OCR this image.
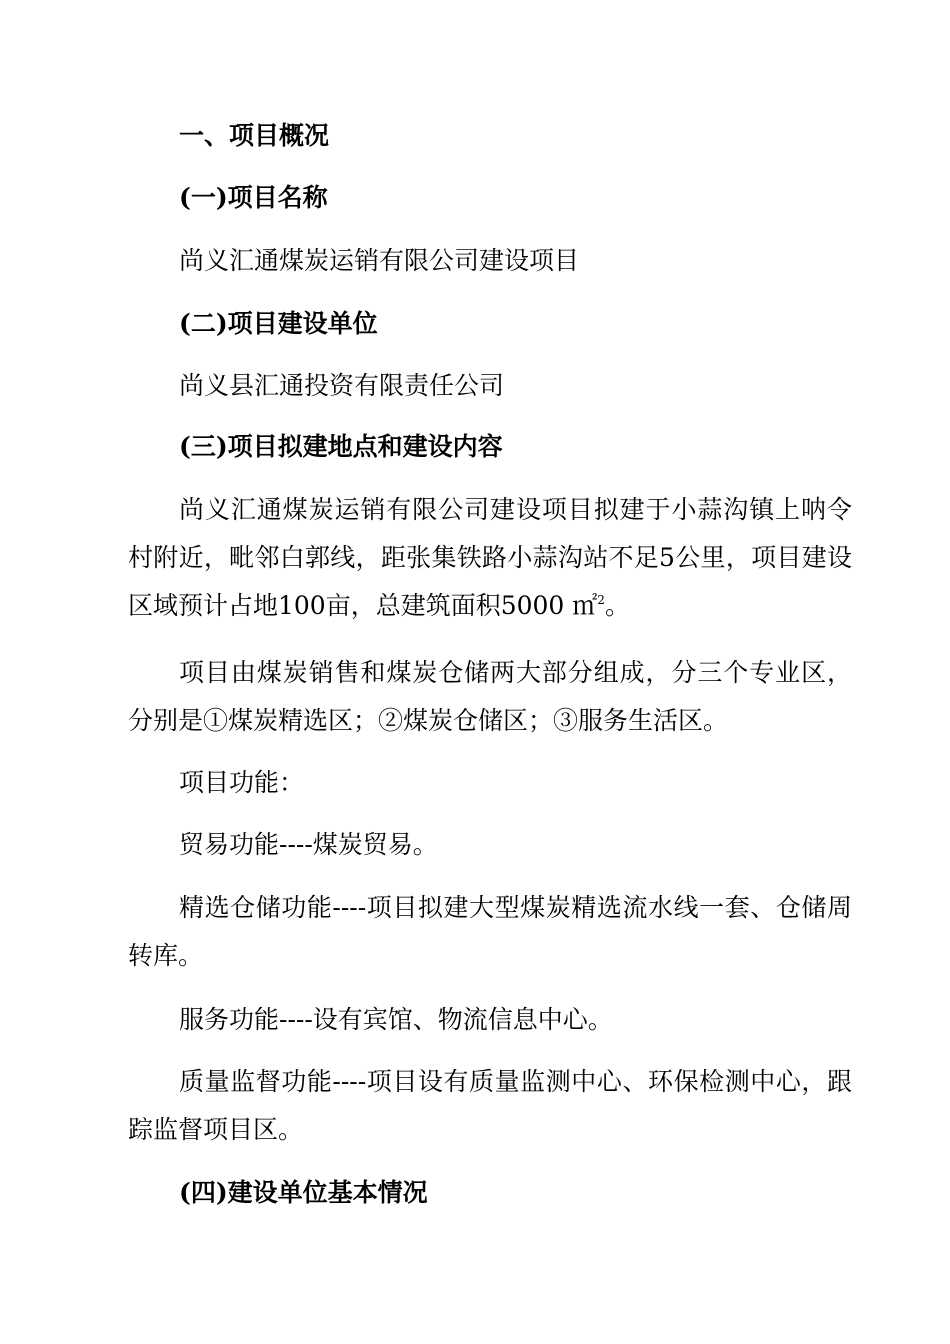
一、项目概况

(一)项目名称

尚义汇通煤炭运销有限公司建设项目

(二)项目建设单位

尚义县汇通投资有限责任公司

(三)项目拟建地点和建设内容

尚义汇通煤炭运销有限公司建设项目拟建于小蒜沟镇上呐令村附近，毗邻白郭线，距张集铁路小蒜沟站不足5公里，项目建设区域预计占地100亩，总建筑面积5000 ㎡$^2$。

项目由煤炭销售和煤炭仓储两大部分组成，分三个专业区，分别是①煤炭精选区；②煤炭仓储区；③服务生活区。

项目功能：

贸易功能----煤炭贸易。

精选仓储功能----项目拟建大型煤炭精选流水线一套、仓储周转库。

服务功能----设有宾馆、物流信息中心。

质量监督功能----项目设有质量监测中心、环保检测中心，跟踪监督项目区。

(四)建设单位基本情况
